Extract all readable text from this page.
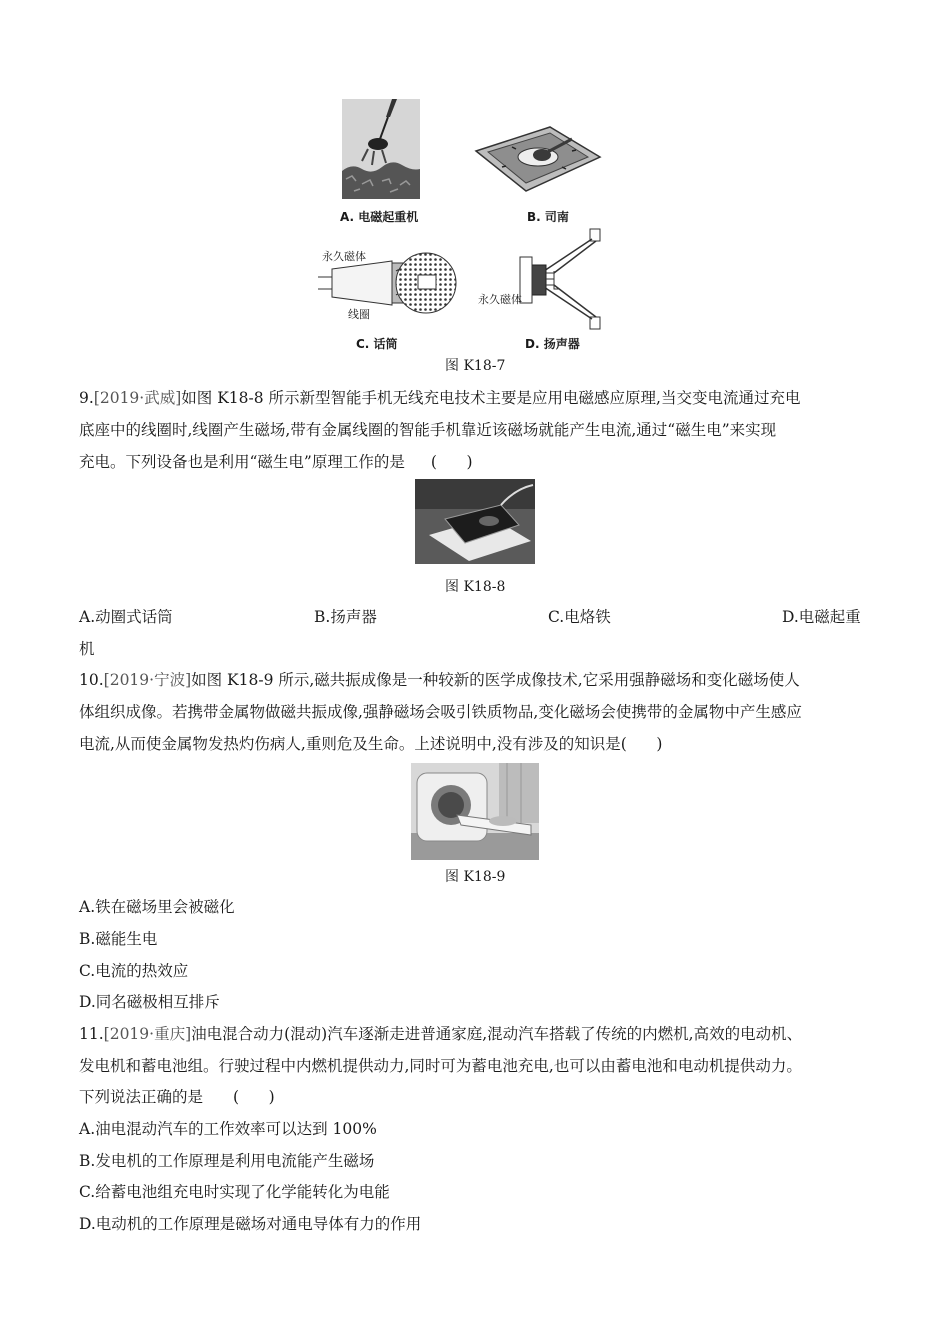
A. 电磁起重机	B. 司南
永久磁体
线圈
C. 话筒
永久磁体
D. 扬声器
图 K18-7
9.[2019·武威]如图 K18-8 所示新型智能手机无线充电技术主要是应用电磁感应原理,当交变电流通过充电
底座中的线圈时,线圈产生磁场,带有金属线圈的智能手机靠近该磁场就能产生电流,通过“磁生电”来实现
充电。下列设备也是利用“磁生电”原理工作的是 (      )
图 K18-8
A.动圈式话筒	B.扬声器	C.电烙铁	D.电磁起重
机
10.[2019·宁波]如图 K18-9 所示,磁共振成像是一种较新的医学成像技术,它采用强静磁场和变化磁场使人
体组织成像。若携带金属物做磁共振成像,强静磁场会吸引铁质物品,变化磁场会使携带的金属物中产生感应
电流,从而使金属物发热灼伤病人,重则危及生命。上述说明中,没有涉及的知识是(      )
图 K18-9
A.铁在磁场里会被磁化
B.磁能生电
C.电流的热效应
D.同名磁极相互排斥
11.[2019·重庆]油电混合动力(混动)汽车逐渐走进普通家庭,混动汽车搭载了传统的内燃机,高效的电动机、
发电机和蓄电池组。行驶过程中内燃机提供动力,同时可为蓄电池充电,也可以由蓄电池和电动机提供动力。
下列说法正确的是 (      )
A.油电混动汽车的工作效率可以达到 100%
B.发电机的工作原理是利用电流能产生磁场
C.给蓄电池组充电时实现了化学能转化为电能
D.电动机的工作原理是磁场对通电导体有力的作用
